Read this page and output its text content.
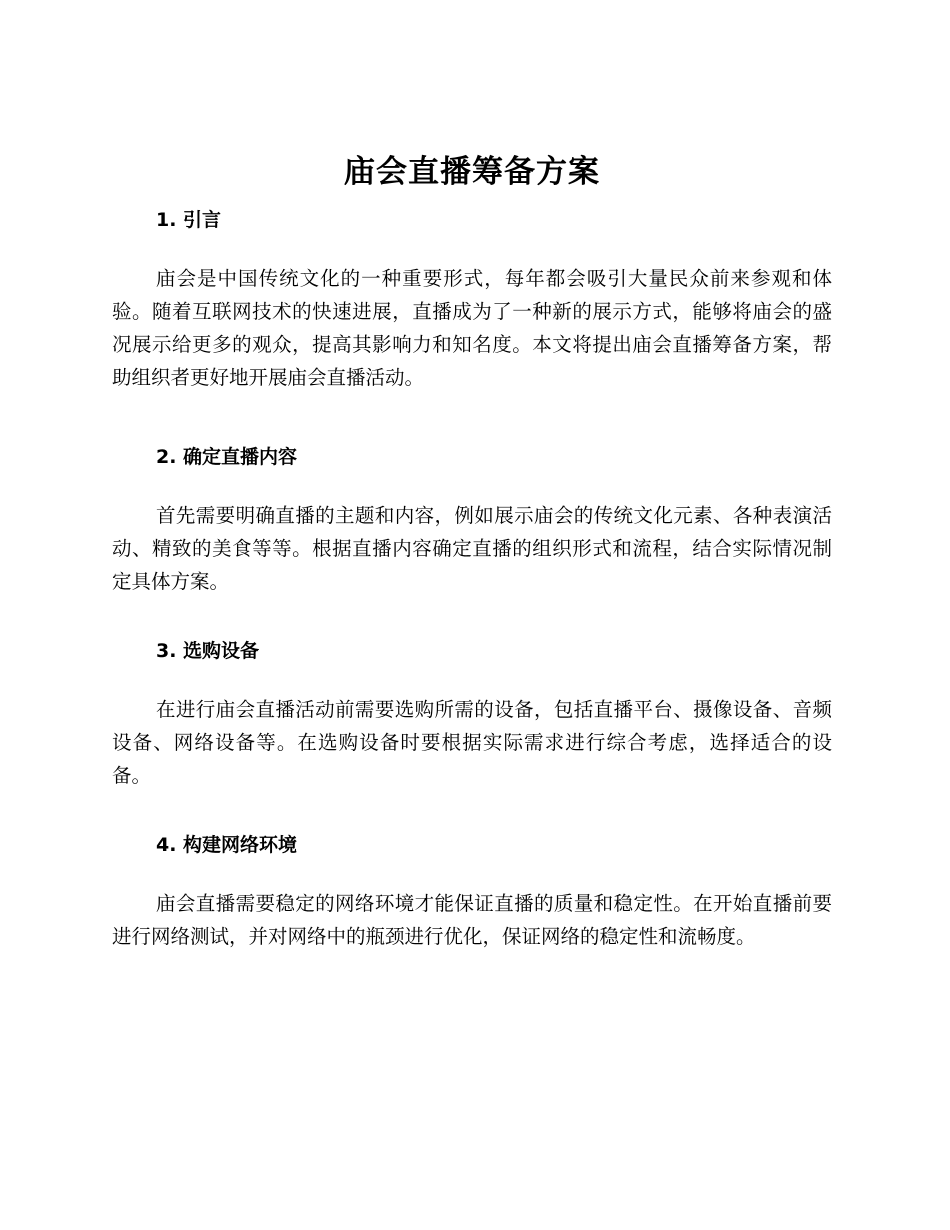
庙会直播筹备方案
1. 引言

庙会是中国传统文化的一种重要形式，每年都会吸引大量民众前来参观和体验。随着互联网技术的快速进展，直播成为了一种新的展示方式，能够将庙会的盛况展示给更多的观众，提高其影响力和知名度。本文将提出庙会直播筹备方案，帮助组织者更好地开展庙会直播活动。

2. 确定直播内容

首先需要明确直播的主题和内容，例如展示庙会的传统文化元素、各种表演活动、精致的美食等等。根据直播内容确定直播的组织形式和流程，结合实际情况制定具体方案。

3. 选购设备

在进行庙会直播活动前需要选购所需的设备，包括直播平台、摄像设备、音频设备、网络设备等。在选购设备时要根据实际需求进行综合考虑，选择适合的设备。

4. 构建网络环境

庙会直播需要稳定的网络环境才能保证直播的质量和稳定性。在开始直播前要进行网络测试，并对网络中的瓶颈进行优化，保证网络的稳定性和流畅度。
